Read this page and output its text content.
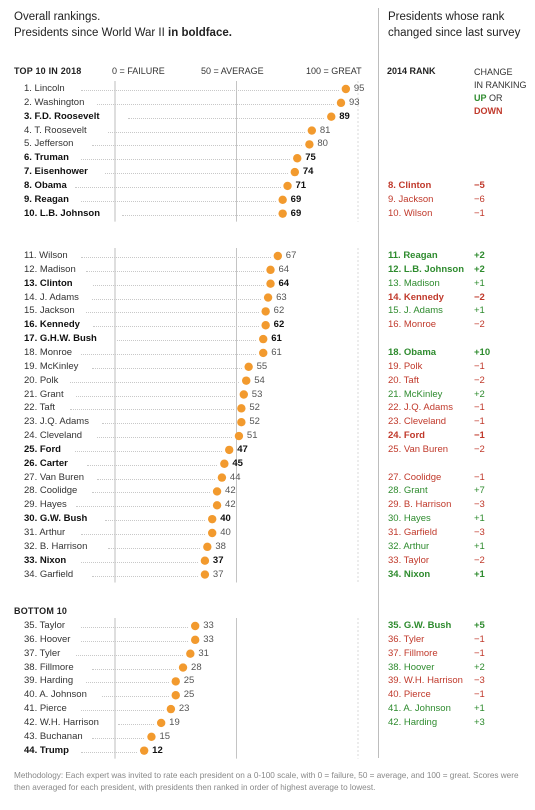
Overall rankings.
Presidents since World War II in boldface.
Presidents whose rank
changed since last survey
TOP 10 IN 2018
BOTTOM 10
0 = FAILURE	50 = AVERAGE	100 = GREAT	2014 RANK	CHANGE
IN RANKING
UP OR
DOWN
1. Lincoln	95
2. Washington	93
3. F.D. Roosevelt	89
4. T. Roosevelt	81
5. Jefferson	80
6. Truman	75
7. Eisenhower	74
8. Obama	71
9. Reagan	69
10. L.B. Johnson	69
11. Wilson	67
12. Madison	64
13. Clinton	64
14. J. Adams	63
15. Jackson	62
16. Kennedy	62
17. G.H.W. Bush	61
18. Monroe	61
19. McKinley	55
20. Polk	54
21. Grant	53
22. Taft	52
23. J.Q. Adams	52
24. Cleveland	51
25. Ford	47
26. Carter	45
27. Van Buren	44
28. Coolidge	42
29. Hayes	42
30. G.W. Bush	40
31. Arthur	40
32. B. Harrison	38
33. Nixon	37
34. Garfield	37
35. Taylor	33
36. Hoover	33
37. Tyler	31
38. Fillmore	28
39. Harding	25
40. A. Johnson	25
41. Pierce	23
42. W.H. Harrison	19
43. Buchanan	15
44. Trump	12
8. Clinton	−5
9. Jackson	−6
10. Wilson	−1
11. Reagan	+2
12. L.B. Johnson +2
13. Madison	+1
14. Kennedy	−2
15. J. Adams	+1
16. Monroe	−2
18. Obama	+10
19. Polk	−1
20. Taft	−2
21. McKinley	+2
22. J.Q. Adams −1
23. Cleveland	−1
24. Ford	−1
25. Van Buren	−2
27. Coolidge	−1
28. Grant	+7
29. B. Harrison −3
30. Hayes	+1
31. Garfield	−3
32. Arthur	+1
33. Taylor	−2
34. Nixon	+1
35. G.W. Bush +5
36. Tyler	−1
37. Fillmore	−1
38. Hoover	+2
39. W.H. Harrison −3
40. Pierce	−1
41. A. Johnson +1
42. Harding	+3
Methodology: Each expert was invited to rate each president on a 0-100 scale, with 0 = failure, 50 = average, and 100 = great. Scores were then averaged for each president, with presidents then ranked in order of highest average to lowest.
